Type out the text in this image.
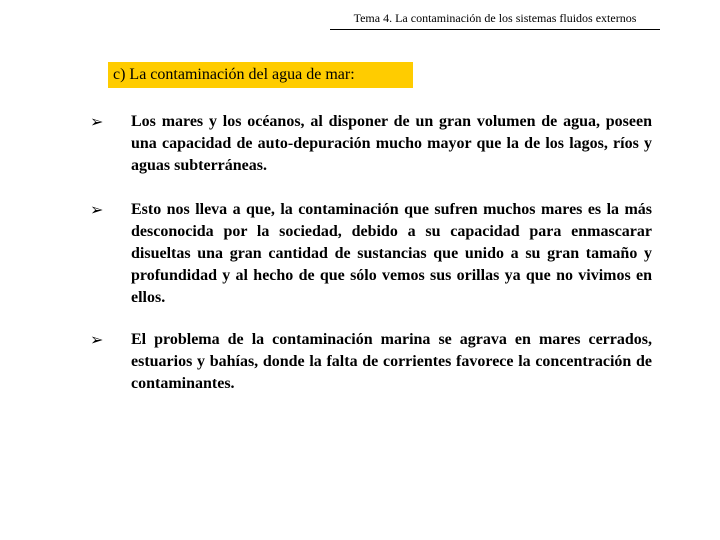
Tema 4. La contaminación de los sistemas fluidos externos
c) La contaminación del agua de mar:
➢ Los mares y los océanos, al disponer de un gran volumen de agua, poseen una capacidad de auto-depuración mucho mayor que la de los lagos, ríos y aguas subterráneas.
➢ Esto nos lleva a que, la contaminación que sufren muchos mares es la más desconocida por la sociedad, debido a su capacidad para enmascarar disueltas una gran cantidad de sustancias que unido a su gran tamaño y profundidad y al hecho de que sólo vemos sus orillas ya que no vivimos en ellos.
➢ El problema de la contaminación marina se agrava en mares cerrados, estuarios y bahías, donde la falta de corrientes favorece la concentración de contaminantes.
